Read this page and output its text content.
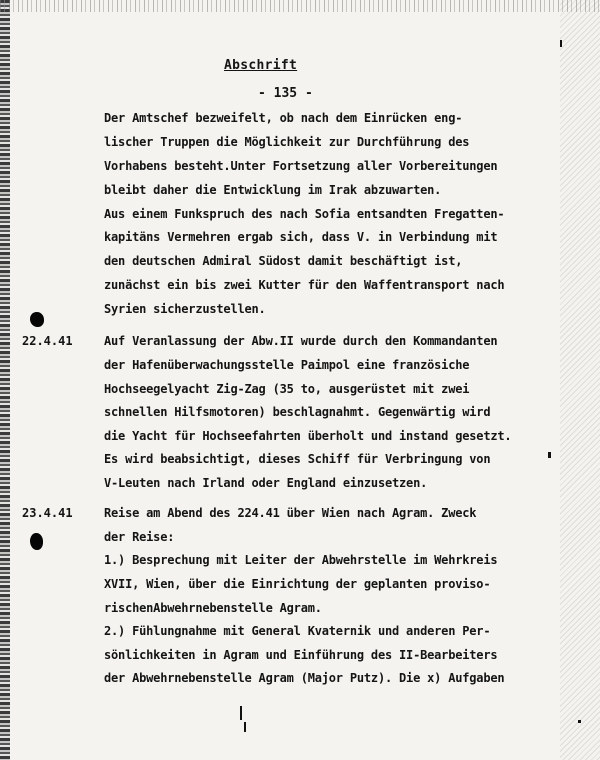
Abschrift
- 135 -
Der Amtschef bezweifelt, ob nach dem Einrücken eng-
lischer Truppen die Möglichkeit zur Durchführung des
Vorhabens besteht.Unter Fortsetzung aller Vorbereitungen
bleibt daher die Entwicklung im Irak abzuwarten.
Aus einem Funkspruch des nach Sofia entsandten Fregatten-
kapitäns Vermehren ergab sich, dass V. in Verbindung mit
den deutschen Admiral Südost damit beschäftigt ist,
zunächst ein bis zwei Kutter für den Waffentransport nach
Syrien sicherzustellen.
22.4.41	Auf Veranlassung der Abw.II wurde durch den Kommandanten
der Hafenüberwachungsstelle Paimpol eine französiche
Hochseegelyacht Zig-Zag (35 to, ausgerüstet mit zwei
schnellen Hilfsmotoren) beschlagnahmt. Gegenwärtig wird
die Yacht für Hochseefahrten überholt und instand gesetzt.
Es wird beabsichtigt, dieses Schiff für Verbringung von
V-Leuten nach Irland oder England einzusetzen.
23.4.41	Reise am Abend des 224.41 über Wien nach Agram. Zweck
der Reise:
1.) Besprechung mit Leiter der Abwehrstelle im Wehrkreis
XVII, Wien, über die Einrichtung der geplanten proviso-
rischenAbwehrnebenstelle Agram.
2.) Fühlungnahme mit General Kvaternik und anderen Per-
sönlichkeiten in Agram und Einführung des II-Bearbeiters
der Abwehrnebenstelle Agram (Major Putz). Die x) Aufgaben
